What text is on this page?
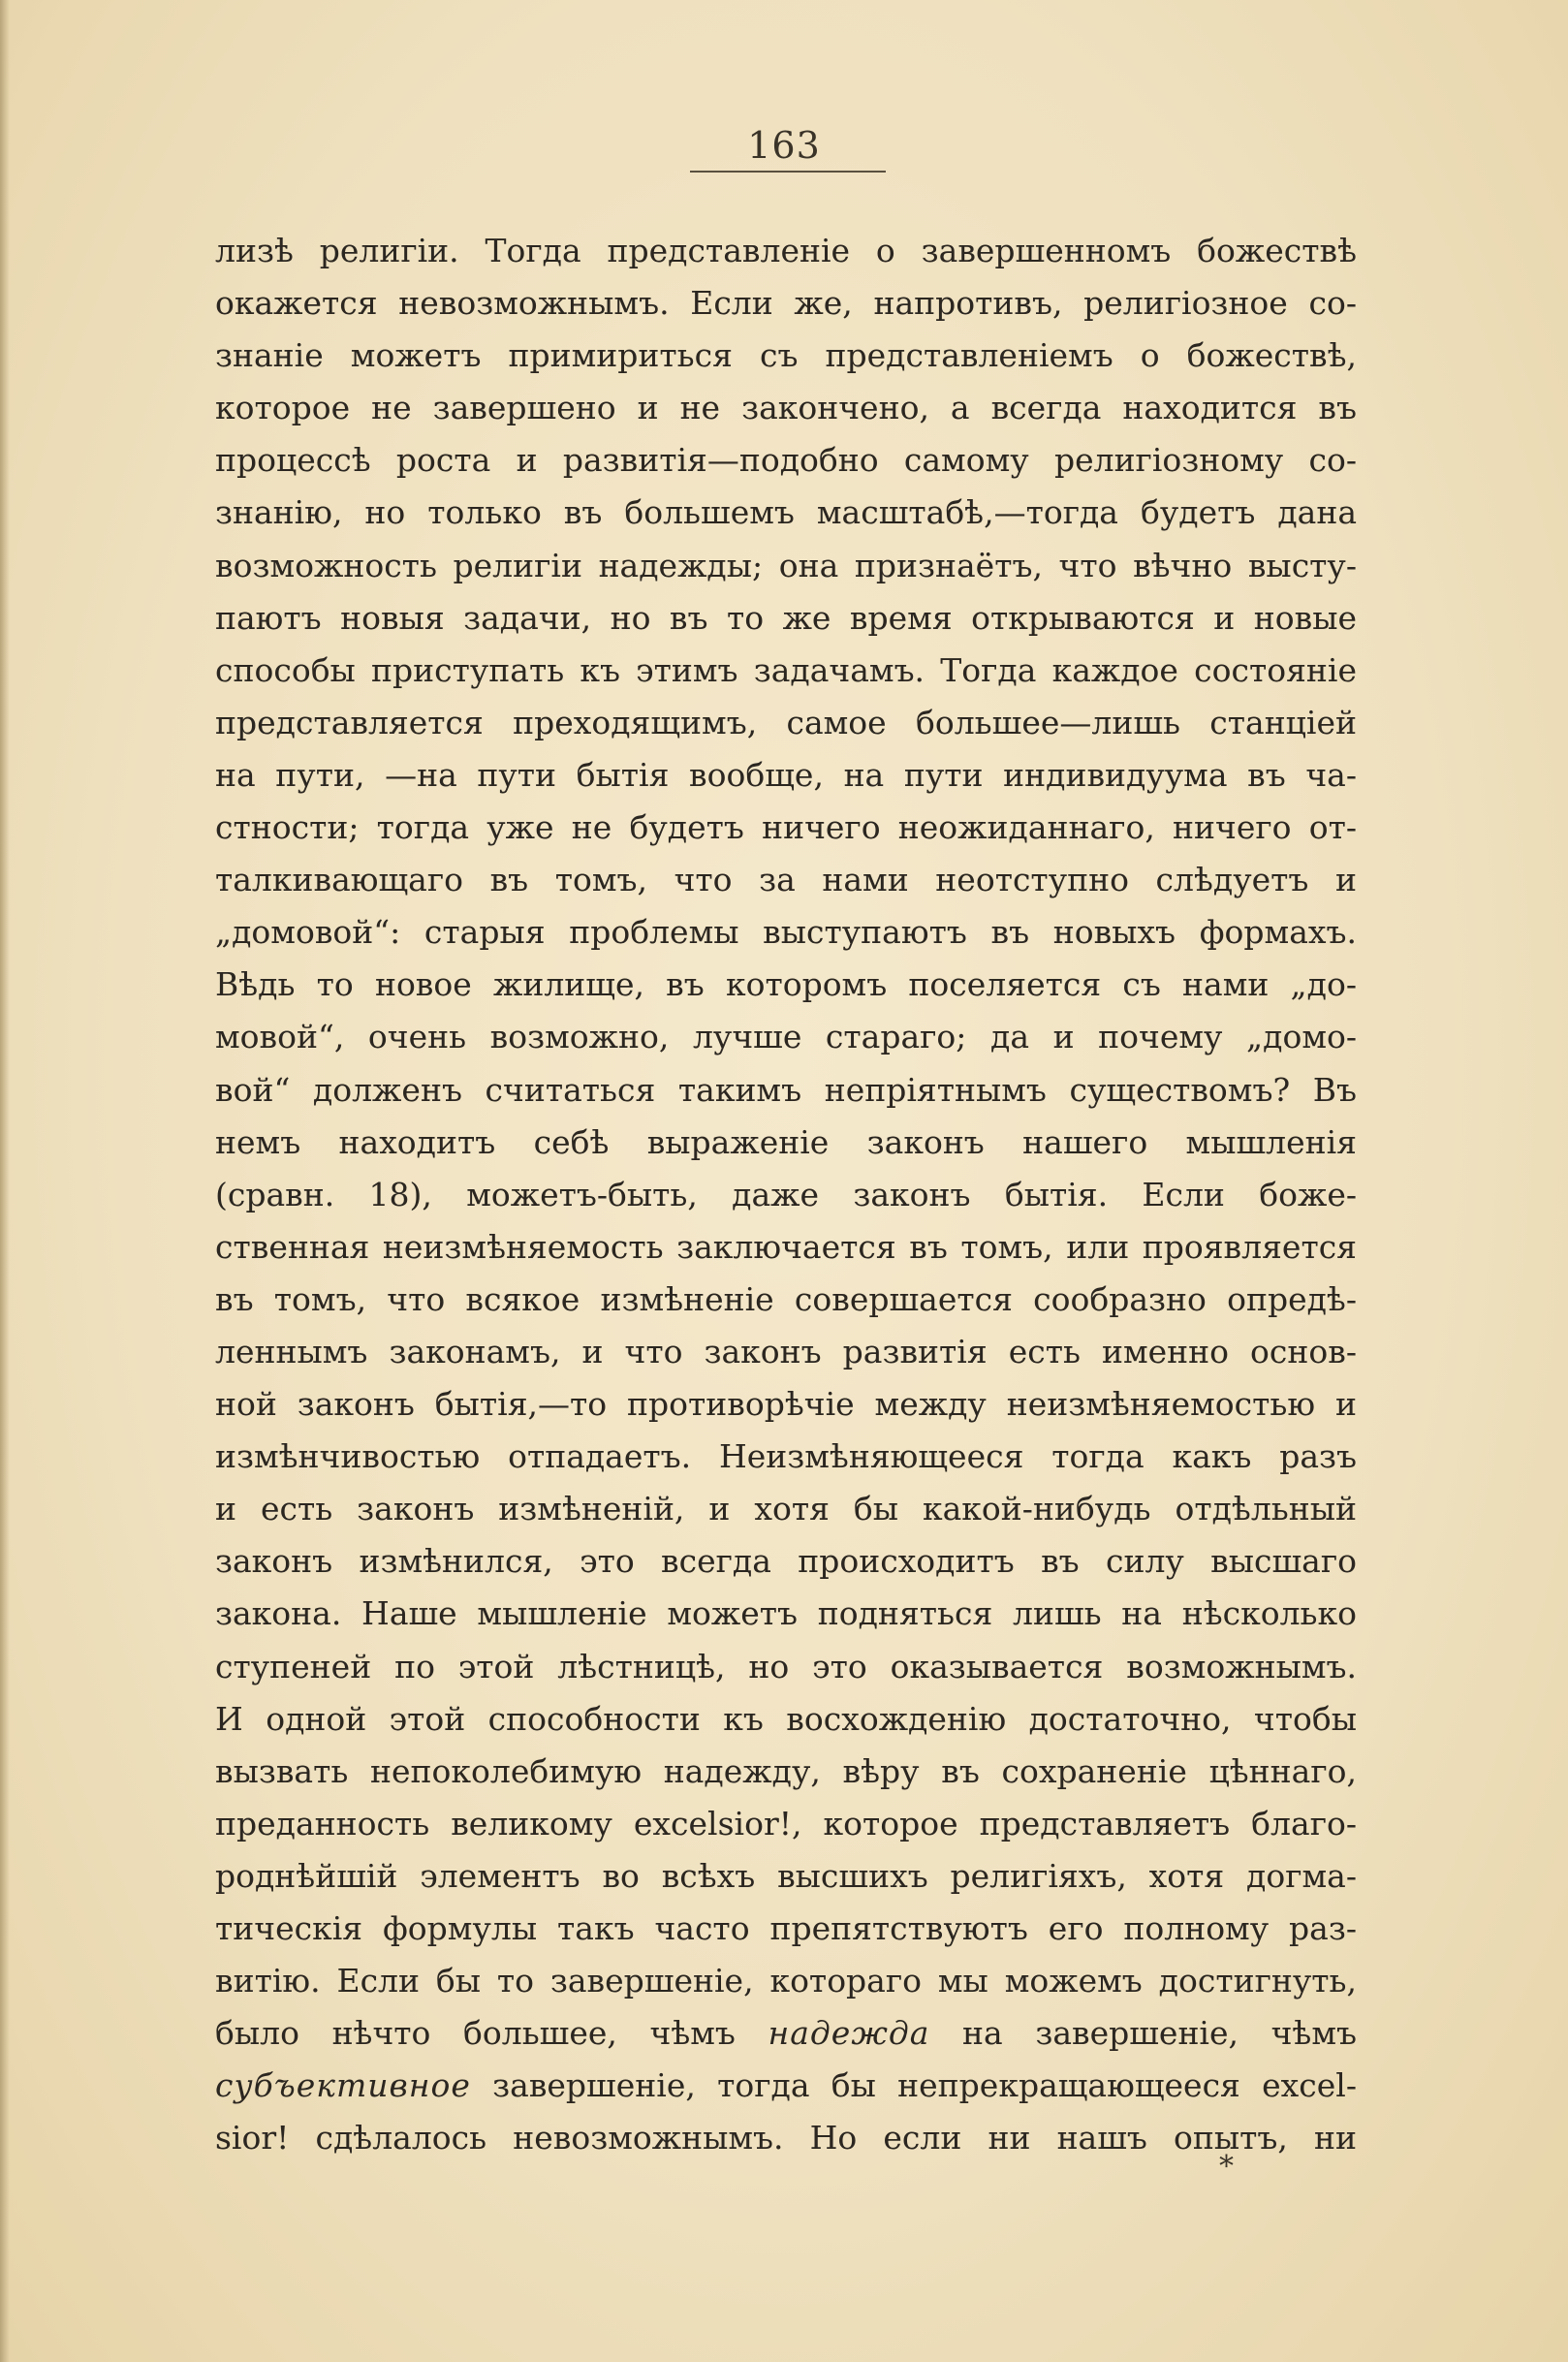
163
лизѣ религіи. Тогда представленіе о завершенномъ божествѣ
окажется невозможнымъ. Если же, напротивъ, религіозное со-
знаніе можетъ примириться съ представленіемъ о божествѣ,
которое не завершено и не закончено, а всегда находится въ
процессѣ роста и развитія—подобно самому религіозному со-
знанію, но только въ большемъ масштабѣ,—тогда будетъ дана
возможность религіи надежды; она признаётъ, что вѣчно высту-
паютъ новыя задачи, но въ то же время открываются и новые
способы приступать къ этимъ задачамъ. Тогда каждое состояніе
представляется преходящимъ, самое большее—лишь станціей
на пути, —на пути бытія вообще, на пути индивидуума въ ча-
стности; тогда уже не будетъ ничего неожиданнаго, ничего от-
талкивающаго въ томъ, что за нами неотступно слѣдуетъ и
„домовой“: старыя проблемы выступаютъ въ новыхъ формахъ.
Вѣдь то новое жилище, въ которомъ поселяется съ нами „до-
мовой“, очень возможно, лучше стараго; да и почему „домо-
вой“ долженъ считаться такимъ непріятнымъ существомъ? Въ
немъ находитъ себѣ выраженіе законъ нашего мышленія
(сравн. 18), можетъ-быть, даже законъ бытія. Если боже-
ственная неизмѣняемость заключается въ томъ, или проявляется
въ томъ, что всякое измѣненіе совершается сообразно опредѣ-
леннымъ законамъ, и что законъ развитія есть именно основ-
ной законъ бытія,—то противорѣчіе между неизмѣняемостью и
измѣнчивостью отпадаетъ. Неизмѣняющееся тогда какъ разъ
и есть законъ измѣненій, и хотя бы какой-нибудь отдѣльный
законъ измѣнился, это всегда происходитъ въ силу высшаго
закона. Наше мышленіе можетъ подняться лишь на нѣсколько
ступеней по этой лѣстницѣ, но это оказывается возможнымъ.
И одной этой способности къ восхожденію достаточно, чтобы
вызвать непоколебимую надежду, вѣру въ сохраненіе цѣннаго,
преданность великому excelsior!, которое представляетъ благо-
роднѣйшій элементъ во всѣхъ высшихъ религіяхъ, хотя догма-
тическія формулы такъ часто препятствуютъ его полному раз-
витію. Если бы то завершеніе, котораго мы можемъ достигнуть,
было нѣчто большее, чѣмъ надежда на завершеніе, чѣмъ
субъективное завершеніе, тогда бы непрекращающееся excel-
sior! сдѣлалось невозможнымъ. Но если ни нашъ опытъ, ни
*
